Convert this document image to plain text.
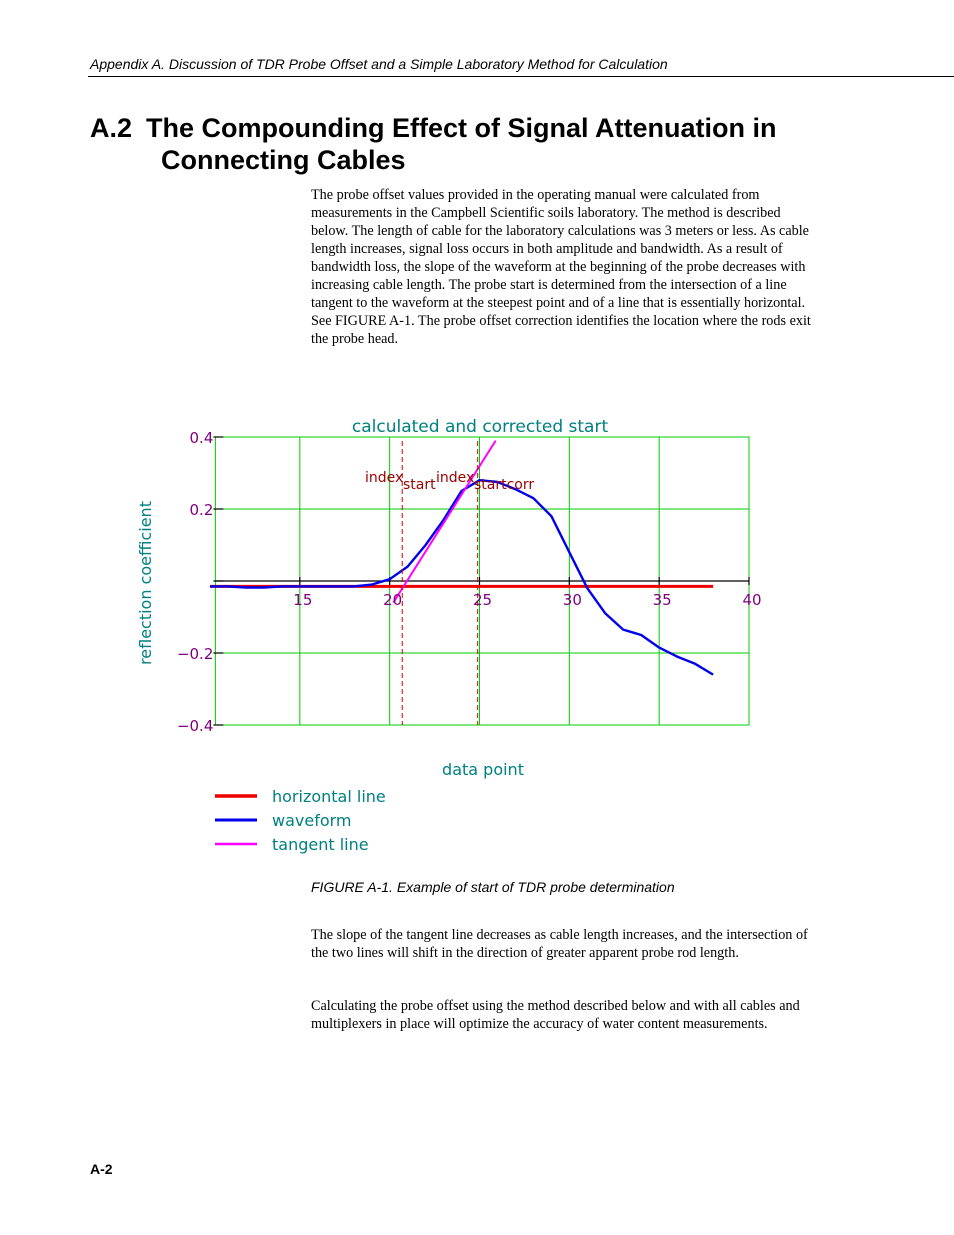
Appendix A. Discussion of TDR Probe Offset and a Simple Laboratory Method for Calculation
A.2 The Compounding Effect of Signal Attenuation in
Connecting Cables

The probe offset values provided in the operating manual were calculated from measurements in the Campbell Scientific soils laboratory. The method is described below. The length of cable for the laboratory calculations was 3 meters or less. As cable length increases, signal loss occurs in both amplitude and bandwidth. As a result of bandwidth loss, the slope of the waveform at the beginning of the probe decreases with increasing cable length. The probe start is determined from the intersection of a line tangent to the waveform at the steepest point and of a line that is essentially horizontal. See FIGURE A-1. The probe offset correction identifies the location where the rods exit the probe head.

index start index startcorr
15	20	25	30	35	40
0.4
0.2
−0.2
−0.4
calculated and corrected start
data point
reflection coefficient
horizontal line
waveform
tangent line
FIGURE A-1. Example of start of TDR probe determination

The slope of the tangent line decreases as cable length increases, and the intersection of the two lines will shift in the direction of greater apparent probe rod length.

Calculating the probe offset using the method described below and with all cables and multiplexers in place will optimize the accuracy of water content measurements.

A-2
